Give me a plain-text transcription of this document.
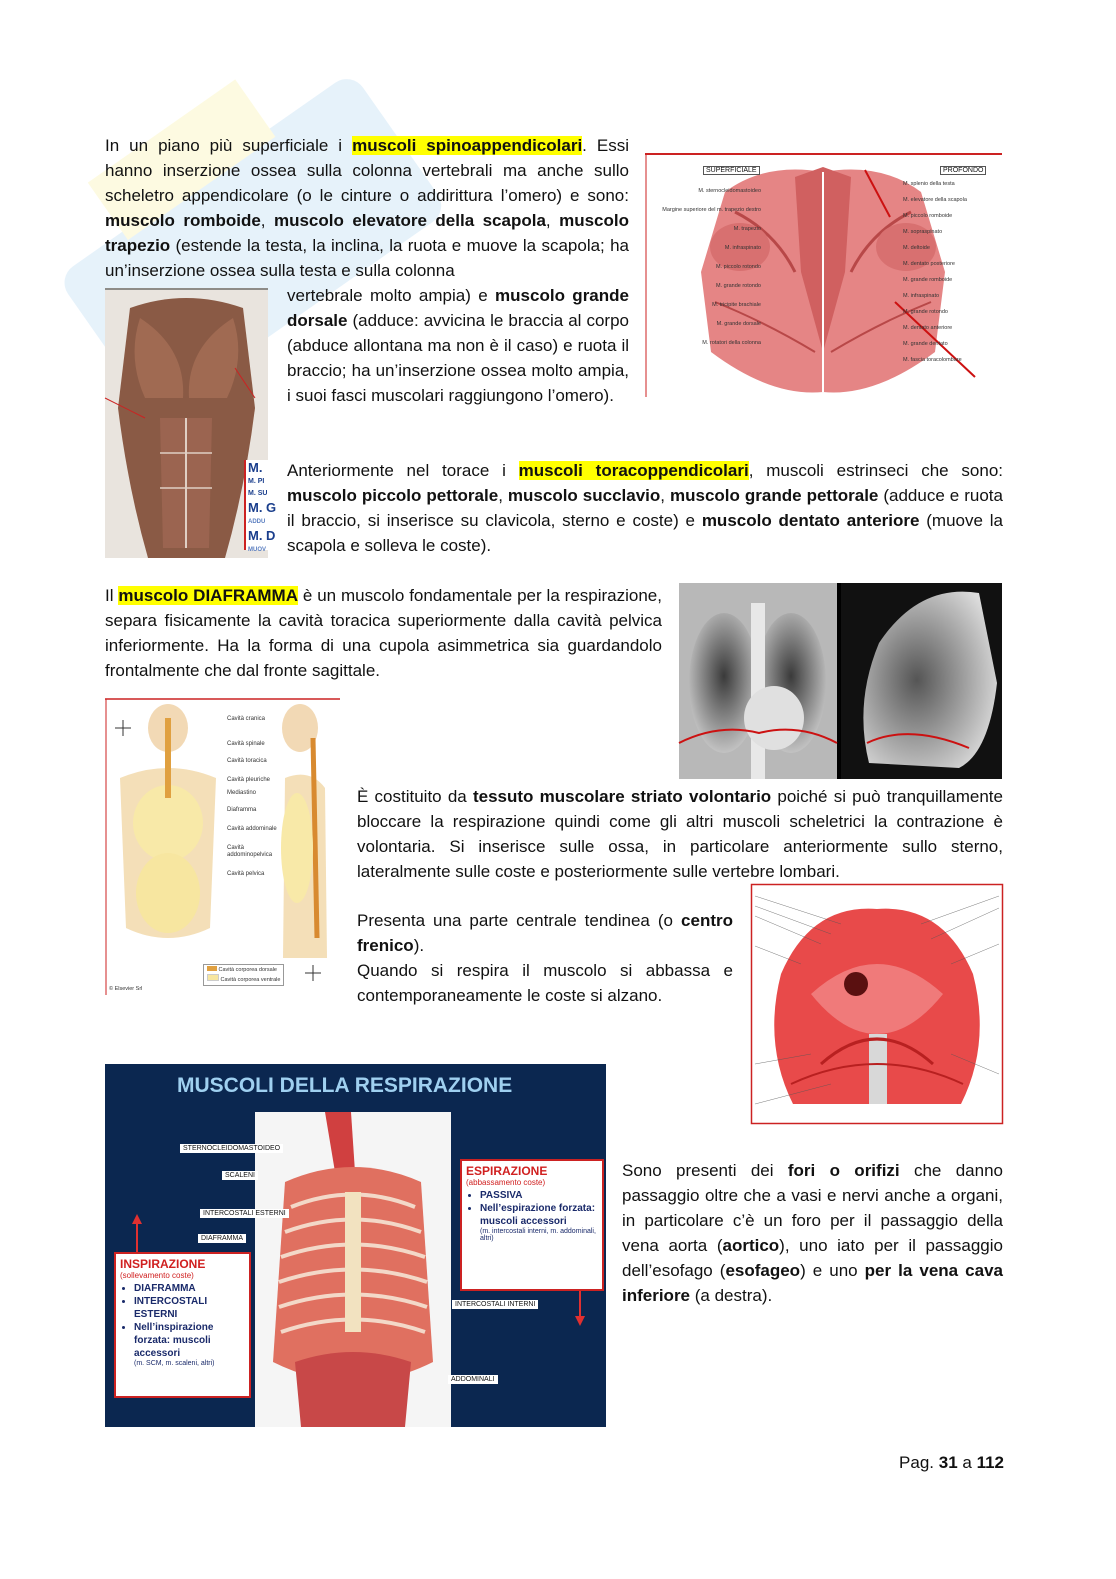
In un piano più superficiale i muscoli spinoappendicolari. Essi hanno inserzione ossea sulla colonna vertebrali ma anche sullo scheletro appendicolare (o le cinture o addirittura l’omero) e sono: muscolo romboide, muscolo elevatore della scapola, muscolo trapezio (estende la testa, la inclina, la ruota e muove la scapola; ha un’inserzione ossea sulla testa e sulla colonna

vertebrale molto ampia) e muscolo grande dorsale (adduce: avvicina le braccia al corpo (abduce allontana ma non è il caso) e ruota il braccio; ha un’inserzione ossea molto ampia, i suoi fasci muscolari raggiungono l’omero).

SUPERFICIALE	PROFONDO
M. sternocleidomastoideo
Margine superiore del m. trapezio destro
M. trapezio
M. infraspinato
M. piccolo rotondo
M. grande rotondo
M. tricipite brachiale
M. grande dorsale
M. rotatori della colonna
M. splenio della testa
M. elevatore della scapola
M. piccolo romboide
M. sopraspinato
M. deltoide
M. dentato posteriore
M. grande romboide
M. infraspinato
M. grande rotondo
M. dentato anteriore
M. grande dentato
M. fascia toracolombare
M.
M. PI
M. SU
M. G
ADDU
M. D
MUOV

Anteriormente nel torace i muscoli toracoppendicolari, muscoli estrinseci che sono: muscolo piccolo pettorale, muscolo succlavio, muscolo grande pettorale (adduce e ruota il braccio, si inserisce su clavicola, sterno e coste) e muscolo dentato anteriore (muove la scapola e solleva le coste).

Il muscolo DIAFRAMMA è un muscolo fondamentale per la respirazione, separa fisicamente la cavità toracica superiormente dalla cavità pelvica inferiormente. Ha la forma di una cupola asimmetrica sia guardandolo frontalmente che dal fronte sagittale.

Cavità cranica
Cavità spinale
Cavità toracica
Cavità pleuriche
Mediastino
Diaframma
Cavità addominale
Cavità addominopelvica
Cavità pelvica
Cavità corporea dorsale
Cavità corporea ventrale
© Elsevier Srl

È costituito da tessuto muscolare striato volontario poiché si può tranquillamente bloccare la respirazione quindi come gli altri muscoli scheletrici la contrazione è volontaria. Si inserisce sulle ossa, in particolare anteriormente sullo sterno, lateralmente sulle coste e posteriormente sulle vertebre lombari.

Presenta una parte centrale tendinea (o centro frenico).

Quando si respira il muscolo si abbassa e contemporaneamente le coste si alzano.

MUSCOLI DELLA RESPIRAZIONE
STERNOCLEIDOMASTOIDEO
SCALENI
INTERCOSTALI ESTERNI
DIAFRAMMA
INTERCOSTALI INTERNI
ADDOMINALI
INSPIRAZIONE
(sollevamento coste)
• DIAFRAMMA
• INTERCOSTALI ESTERNI
• Nell’inspirazione forzata: muscoli accessori
(m. SCM, m. scaleni, altri)
ESPIRAZIONE
(abbassamento coste)
• PASSIVA
• Nell’espirazione forzata: muscoli accessori
(m. intercostali interni, m. addominali, altri)

Sono presenti dei fori o orifizi che danno passaggio oltre che a vasi e nervi anche a organi, in particolare c’è un foro per il passaggio della vena aorta (aortico), uno iato per il passaggio dell’esofago (esofageo) e uno per la vena cava inferiore (a destra).

Pag. 31 a 112
